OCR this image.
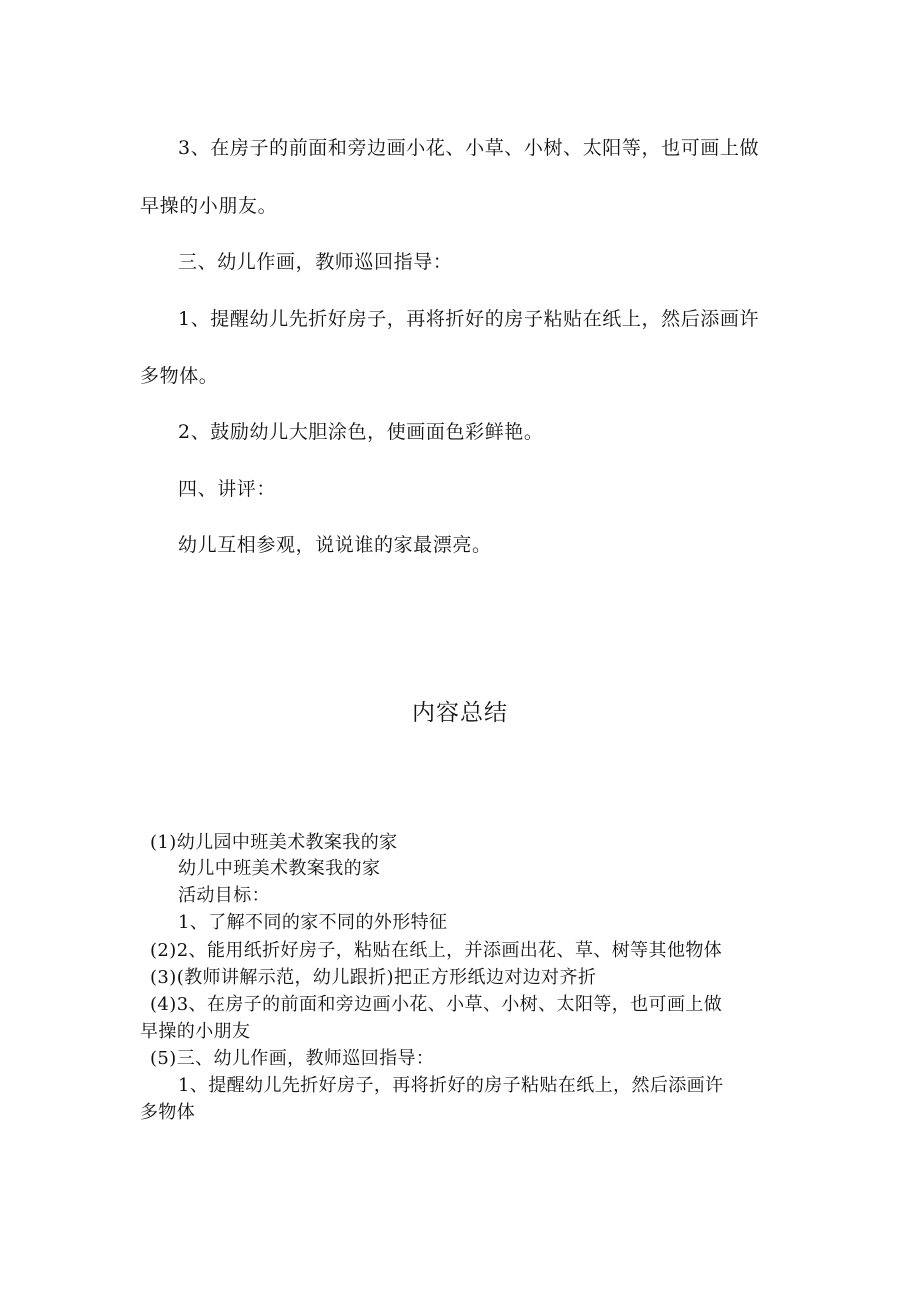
3、在房子的前面和旁边画小花、小草、小树、太阳等，也可画上做
早操的小朋友。
三、幼儿作画，教师巡回指导：
1、提醒幼儿先折好房子，再将折好的房子粘贴在纸上，然后添画许
多物体。
2、鼓励幼儿大胆涂色，使画面色彩鲜艳。
四、讲评：
幼儿互相参观，说说谁的家最漂亮。
内容总结
(1)幼儿园中班美术教案我的家
幼儿中班美术教案我的家
活动目标：
1、了解不同的家不同的外形特征
(2)2、能用纸折好房子，粘贴在纸上，并添画出花、草、树等其他物体
(3)(教师讲解示范，幼儿跟折)把正方形纸边对边对齐折
(4)3、在房子的前面和旁边画小花、小草、小树、太阳等，也可画上做
早操的小朋友
(5)三、幼儿作画，教师巡回指导：
1、提醒幼儿先折好房子，再将折好的房子粘贴在纸上，然后添画许
多物体
